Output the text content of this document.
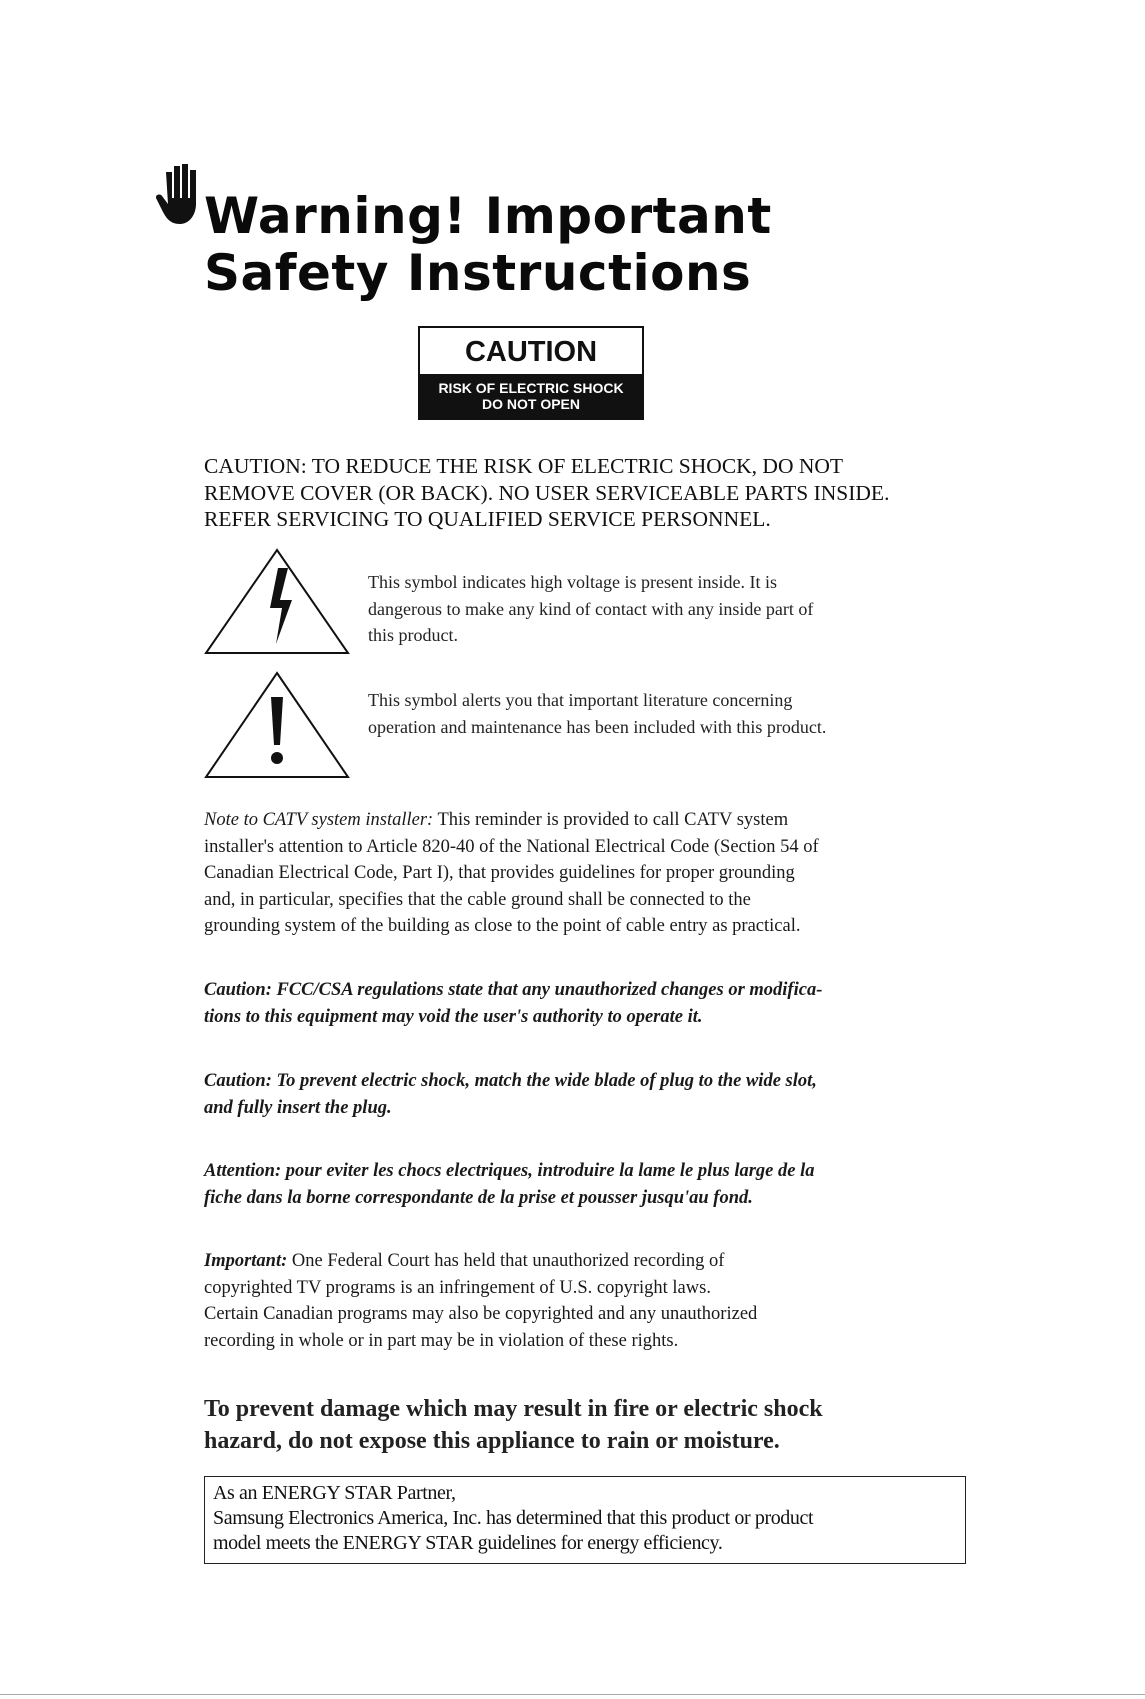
Warning! Important
Safety Instructions
CAUTION
RISK OF ELECTRIC SHOCK
DO NOT OPEN
CAUTION: TO REDUCE THE RISK OF ELECTRIC SHOCK, DO NOT
REMOVE COVER (OR BACK). NO USER SERVICEABLE PARTS INSIDE.
REFER SERVICING TO QUALIFIED SERVICE PERSONNEL.
This symbol indicates high voltage is present inside. It is
dangerous to make any kind of contact with any inside part of
this product.
This symbol alerts you that important literature concerning
operation and maintenance has been included with this product.
Note to CATV system installer: This reminder is provided to call CATV system
installer's attention to Article 820-40 of the National Electrical Code (Section 54 of
Canadian Electrical Code, Part I), that provides guidelines for proper grounding
and, in particular, specifies that the cable ground shall be connected to the
grounding system of the building as close to the point of cable entry as practical.
Caution: FCC/CSA regulations state that any unauthorized changes or modifica-
tions to this equipment may void the user's authority to operate it.
Caution: To prevent electric shock, match the wide blade of plug to the wide slot,
and fully insert the plug.
Attention: pour eviter les chocs electriques, introduire la lame le plus large de la
fiche dans la borne correspondante de la prise et pousser jusqu'au fond.
Important: One Federal Court has held that unauthorized recording of
copyrighted TV programs is an infringement of U.S. copyright laws.
Certain Canadian programs may also be copyrighted and any unauthorized
recording in whole or in part may be in violation of these rights.
To prevent damage which may result in fire or electric shock
hazard, do not expose this appliance to rain or moisture.
As an ENERGY STAR Partner,
Samsung Electronics America, Inc. has determined that this product or product
model meets the ENERGY STAR guidelines for energy efficiency.
